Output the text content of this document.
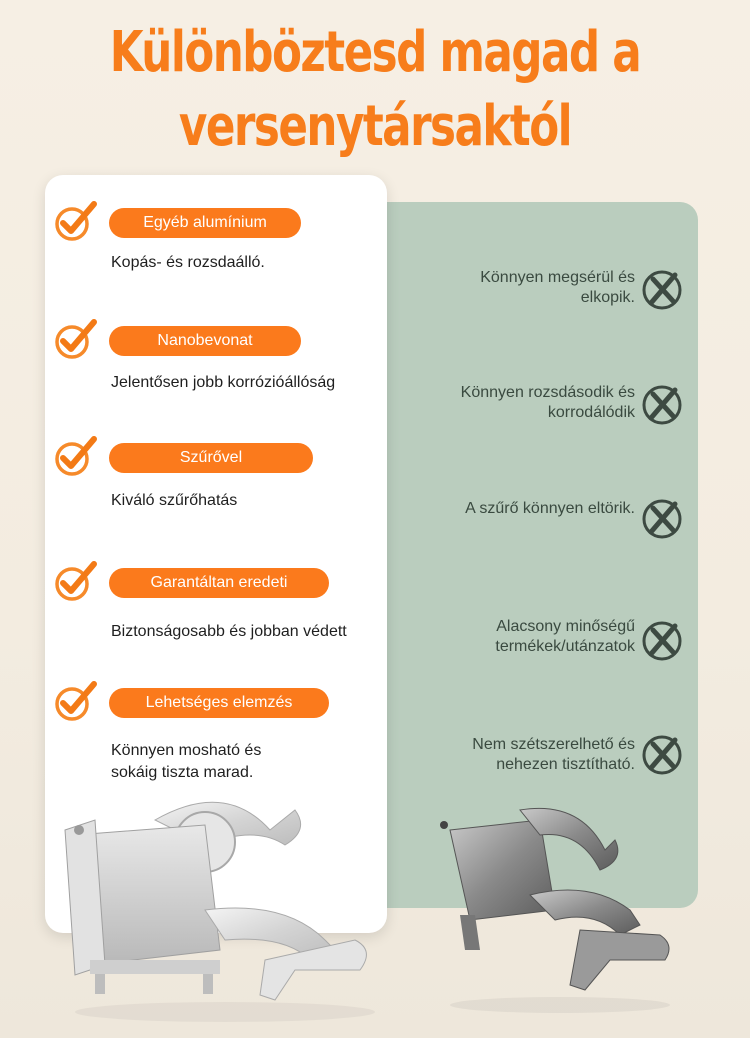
Különböztesd magad a
versenytársaktól
Egyéb alumínium
Kopás- és rozsdaálló.
Nanobevonat
Jelentősen jobb korrózióállóság
Szűrővel
Kiváló szűrőhatás
Garantáltan eredeti
Biztonságosabb és jobban védett
Lehetséges elemzés
Könnyen mosható és
sokáig tiszta marad.
Könnyen megsérül és
elkopik.
Könnyen rozsdásodik és
korrodálódik
A szűrő könnyen eltörik.
Alacsony minőségű
termékek/utánzatok
Nem szétszerelhető és
nehezen tisztítható.
